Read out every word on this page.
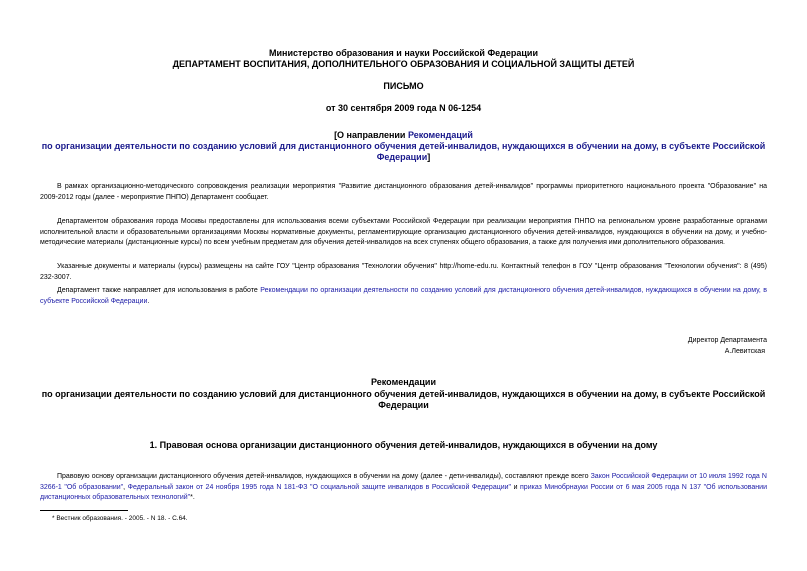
Министерство образования и науки Российской Федерации
ДЕПАРТАМЕНТ ВОСПИТАНИЯ, ДОПОЛНИТЕЛЬНОГО ОБРАЗОВАНИЯ И СОЦИАЛЬНОЙ ЗАЩИТЫ ДЕТЕЙ
ПИСЬМО
от 30 сентября 2009 года N 06-1254
[О направлении Рекомендаций
по организации деятельности по созданию условий для дистанционного обучения детей-инвалидов, нуждающихся в обучении на дому, в субъекте Российской
Федерации]
В рамках организационно-методического сопровождения реализации мероприятия "Развитие дистанционного образования детей-инвалидов" программы приоритетного национального проекта "Образование" на 2009-2012 годы (далее - мероприятие ПНПО) Департамент сообщает.
Департаментом образования города Москвы предоставлены для использования всеми субъектами Российской Федерации при реализации мероприятия ПНПО на региональном уровне разработанные органами исполнительной власти и образовательными организациями Москвы нормативные документы, регламентирующие организацию дистанционного обучения детей-инвалидов, нуждающихся в обучении на дому, и учебно-методические материалы (дистанционные курсы) по всем учебным предметам для обучения детей-инвалидов на всех ступенях общего образования, а также для получения ими дополнительного образования.
Указанные документы и материалы (курсы) размещены на сайте ГОУ "Центр образования "Технологии обучения" http://home-edu.ru. Контактный телефон в ГОУ "Центр образования "Технологии обучения": 8 (495) 232-3007.
Департамент также направляет для использования в работе Рекомендации по организации деятельности по созданию условий для дистанционного обучения детей-инвалидов, нуждающихся в обучении на дому, в субъекте Российской Федерации.
Директор Департамента
А.Левитская
Рекомендации
по организации деятельности по созданию условий для дистанционного обучения детей-инвалидов, нуждающихся в обучении на дому, в субъекте Российской
Федерации
1. Правовая основа организации дистанционного обучения детей-инвалидов, нуждающихся в обучении на дому
Правовую основу организации дистанционного обучения детей-инвалидов, нуждающихся в обучении на дому (далее - дети-инвалиды), составляют прежде всего Закон Российской Федерации от 10 июля 1992 года N 3266-1 "Об образовании", Федеральный закон от 24 ноября 1995 года N 181-ФЗ "О социальной защите инвалидов в Российской Федерации" и приказ Минобрнауки России от 6 мая 2005 года N 137 "Об использовании дистанционных образовательных технологий"*.
* Вестник образования. - 2005. - N 18. - С.64.
